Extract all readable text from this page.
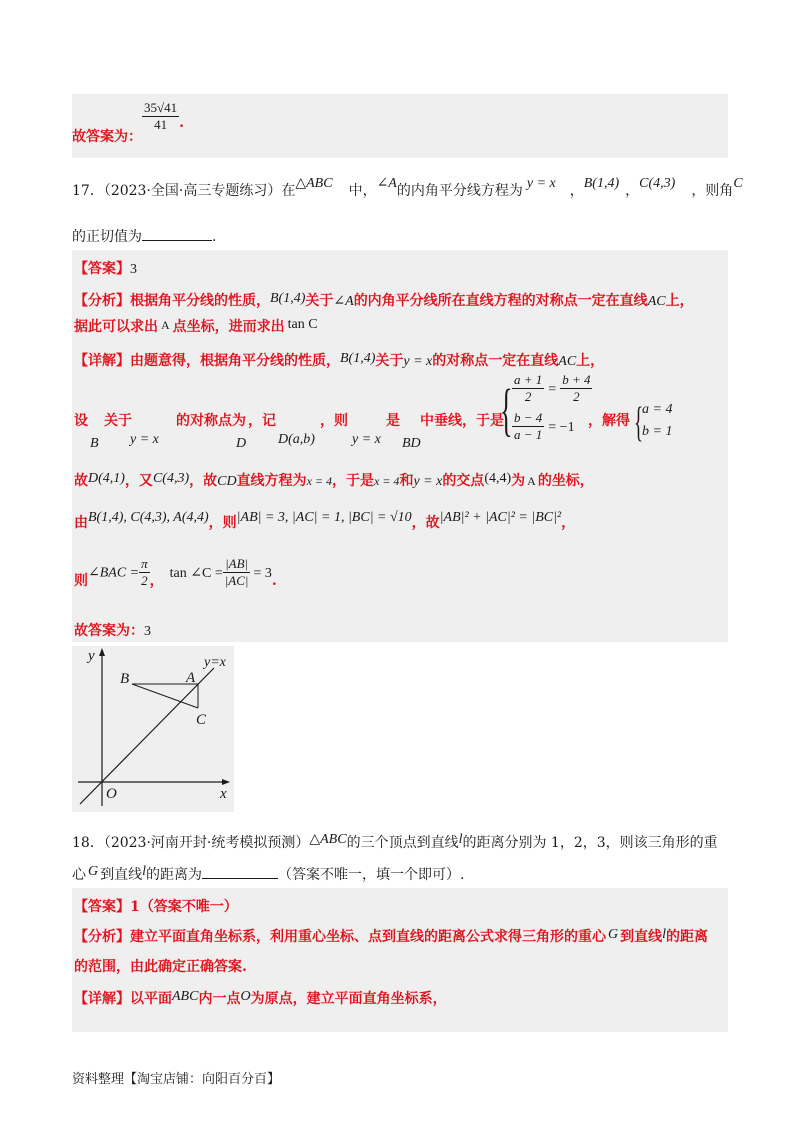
故答案为：
$\frac{35√41}{41}$ .
17．（2023·全国·高三专题练习）在△ABC 中，∠A的内角平分线方程为 y = x ，B(1,4) ，C(4,3) ，则角C
的正切值为	.
【答案】3
【分析】根据角平分线的性质，B(1,4)关于∠A的内角平分线所在直线方程的对称点一定在直线AC上，
据此可以求出 A 点坐标，进而求出 tan C
【详解】由题意得，根据角平分线的性质，B(1,4)关于y = x的对称点一定在直线AC上，
设 关于	的对称点为 ，记	，则	是 中垂线，于是
B y = x	D D(a,b)	y = x BD
{ $\frac{a + 1}{2} = \frac{b + 4}{2}$
$\frac{b - 4}{a - 1} = -1$ ，解得 {
a = 4
b = 1
故D(4,1)，又C(4,3)，故CD直线方程为x = 4，于是x = 4和y = x的交点(4,4)为 A 的坐标，
由B(1,4), C(4,3), A(4,4)，则|AB| = 3, |AC| = 1, |BC| = √10，故|AB|² + |AC|² = |BC|²，
则∠BAC = $\frac{\pi}{2}$ ， tan ∠C = $\frac{|AB|}{|AC|} = 3$.
故答案为：3
y
x
O
B	A
C
y=x
18．（2023·河南开封·统考模拟预测）△ABC的三个顶点到直线l的距离分别为 1，2，3，则该三角形的重
心 G 到直线l的距离为	（答案不唯一，填一个即可）.
【答案】1（答案不唯一）
【分析】建立平面直角坐标系，利用重心坐标、点到直线的距离公式求得三角形的重心 G 到直线l的距离
的范围，由此确定正确答案.
【详解】以平面ABC内一点O为原点，建立平面直角坐标系，
资料整理【淘宝店铺：向阳百分百】
